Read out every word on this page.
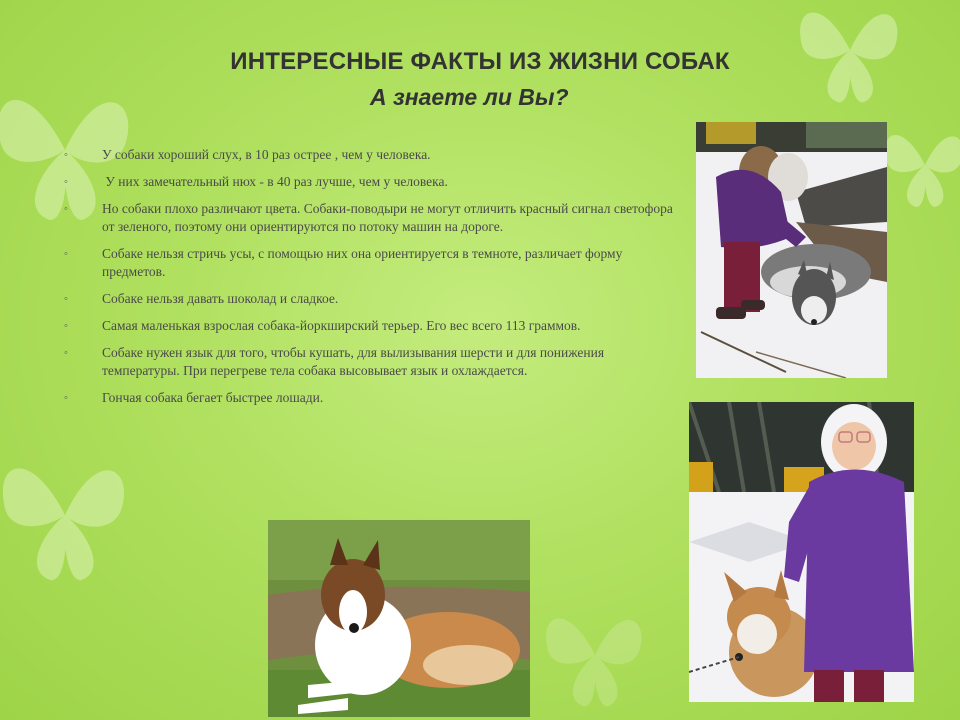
ИНТЕРЕСНЫЕ ФАКТЫ ИЗ ЖИЗНИ СОБАК
А знаете ли Вы?
◦	У собаки хороший слух, в 10 раз острее , чем у человека.
◦	У них замечательный нюх - в 40 раз лучше, чем у человека.
◦	Но собаки плохо различают цвета. Собаки-поводыри не могут отличить красный сигнал светофора от зеленого, поэтому они ориентируются по потоку машин на дороге.
◦	Собаке нельзя стричь усы, с помощью них она ориентируется в темноте, различает форму предметов.
◦	Собаке нельзя давать шоколад и сладкое.
◦	Самая маленькая взрослая собака-йоркширский терьер. Его вес всего 113 граммов.
◦	Собаке нужен язык для того, чтобы кушать, для вылизывания шерсти и для понижения температуры. При перегреве тела собака высовывает язык и охлаждается.
◦	Гончая собака бегает быстрее лошади.
